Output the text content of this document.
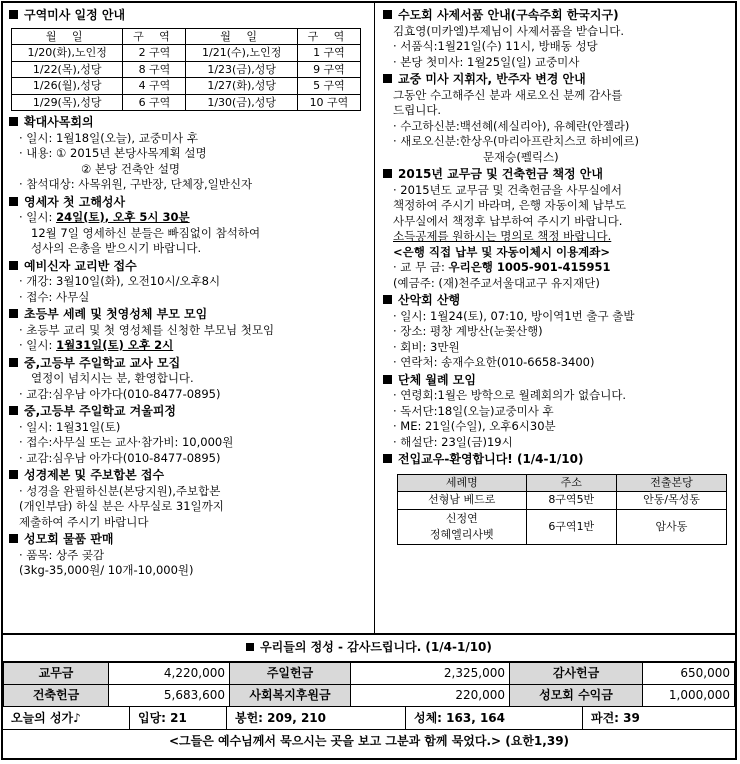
구역미사 일정 안내
월 일	구 역	월 일	구 역
1/20(화),노인정	2 구역	1/21(수),노인정	1 구역
1/22(목),성당	8 구역	1/23(금),성당	9 구역
1/26(월),성당	4 구역	1/27(화),성당	5 구역
1/29(목),성당	6 구역	1/30(금),성당	10 구역
확대사목회의
· 일시: 1월18일(오늘), 교중미사 후
· 내용: ① 2015년 본당사목계획 설명
② 본당 건축안 설명
· 참석대상: 사목위원, 구반장, 단체장,일반신자
영세자 첫 고해성사
· 일시: 24일(토), 오후 5시 30분
12월 7일 영세하신 분들은 빠짐없이 참석하여
성사의 은총을 받으시기 바랍니다.
예비신자 교리반 접수
· 개강: 3월10일(화), 오전10시/오후8시
· 접수: 사무실
초등부 세례 및 첫영성체 부모 모임
· 초등부 교리 및 첫 영성체를 신청한 부모님 첫모임
· 일시: 1월31일(토) 오후 2시
중,고등부 주일학교 교사 모집
열정이 넘치시는 분, 환영합니다.
· 교감:심우남 아가다(010-8477-0895)
중,고등부 주일학교 겨울피정
· 일시: 1월31일(토)
· 접수:사무실 또는 교사·참가비: 10,000원
· 교감:심우남 아가다(010-8477-0895)
성경제본 및 주보합본 접수
· 성경을 완필하신분(본당지원),주보합본
(개인부담) 하실 분은 사무실로 31일까지
제출하여 주시기 바랍니다
성모회 물품 판매
· 품목: 상주 곶감
(3kg-35,000원/ 10개-10,000원)
수도회 사제서품 안내(구속주회 한국지구)
김효영(미카엘)부제님이 사제서품을 받습니다.
· 서품식:1월21일(수) 11시, 방배동 성당
· 본당 첫미사: 1월25일(일) 교중미사
교중 미사 지휘자, 반주자 변경 안내
그동안 수고해주신 분과 새로오신 분께 감사를
드립니다.
· 수고하신분:백선혜(세실리아), 유혜란(안젤라)
· 새로오신분:한상우(마리아프란치스코 하비에르)
문재승(펠릭스)
2015년 교무금 및 건축헌금 책정 안내
· 2015년도 교무금 및 건축헌금을 사무실에서
책정하여 주시기 바라며, 은행 자동이체 납부도
사무실에서 책정후 납부하여 주시기 바랍니다.
소득공제를 원하시는 명의로 책정 바랍니다.
<은행 직접 납부 및 자동이체시 이용계좌>
· 교 무 금: 우리은행 1005-901-415951
(예금주: (재)천주교서울대교구 유지재단)
산악회 산행
· 일시: 1월24(토), 07:10, 방이역1번 출구 출발
· 장소: 평창 계방산(눈꽃산행)
· 회비: 3만원
· 연락처: 송재수요한(010-6658-3400)
단체 월례 모임
· 연령회:1월은 방학으로 월례회의가 없습니다.
· 독서단:18일(오늘)교중미사 후
· ME: 21일(수일), 오후6시30분
· 해설단: 23일(금)19시
전입교우-환영합니다! (1/4-1/10)
세례명	주소	전출본당
선형남 베드로	8구역5반	안동/목성동
신정연
정혜엘리사벳	6구역1반	암사동
우리들의 정성 - 감사드립니다. (1/4-1/10)
교무금	4,220,000	주일헌금	2,325,000	감사헌금	650,000
건축헌금	5,683,600	사회복지후원금	220,000	성모회 수익금	1,000,000
오늘의 성가♪	입당: 21	봉헌: 209, 210	성체: 163, 164	파견: 39
<그들은 예수님께서 묵으시는 곳을 보고 그분과 함께 묵었다.> (요한1,39)
